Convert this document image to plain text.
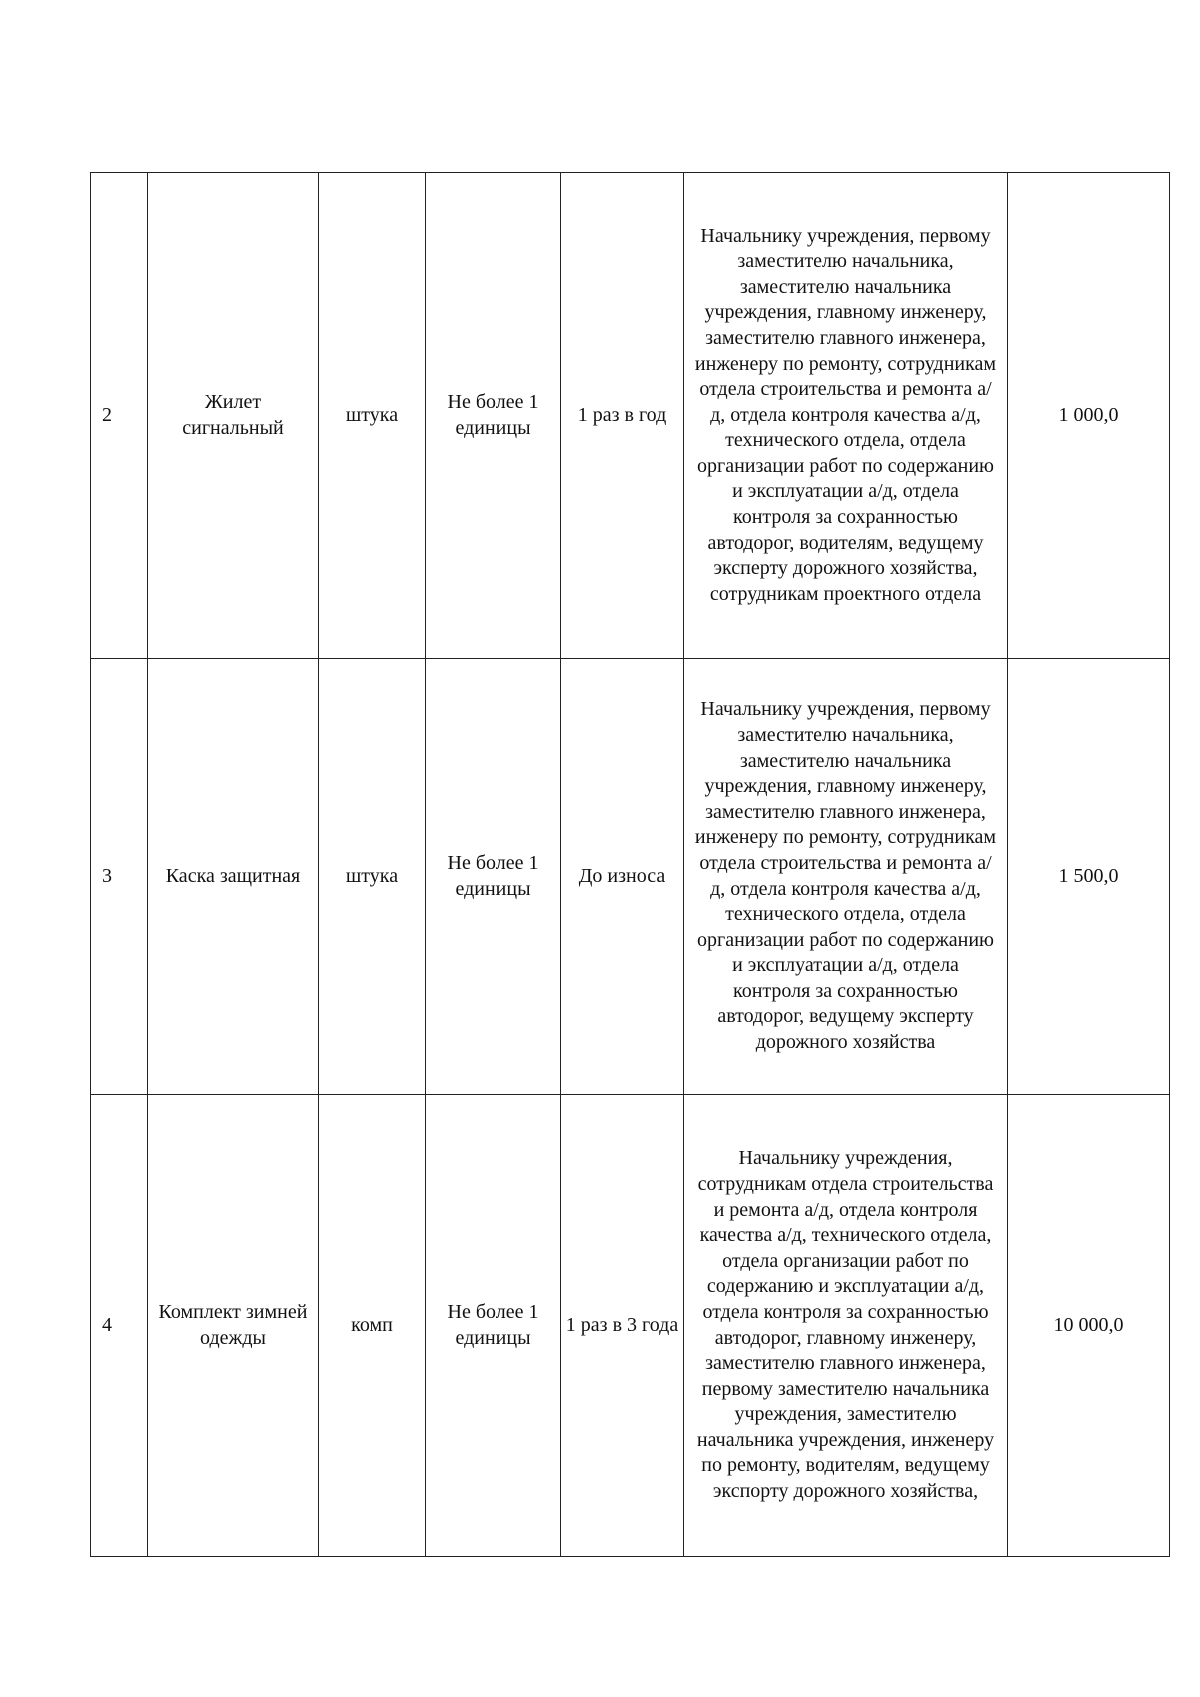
2	Жилет сигнальный	штука	Не более 1 единицы	1 раз в год	Начальнику учреждения, первому заместителю начальника, заместителю начальника учреждения, главному инженеру, заместителю главного инженера, инженеру по ремонту, сотрудникам отдела строительства и ремонта а/д, отдела контроля качества а/д, технического отдела, отдела организации работ по содержанию и эксплуатации а/д, отдела контроля за сохранностью автодорог, водителям, ведущему эксперту дорожного хозяйства, сотрудникам проектного отдела	1 000,0
3	Каска защитная	штука	Не более 1 единицы	До износа	Начальнику учреждения, первому заместителю начальника, заместителю начальника учреждения, главному инженеру, заместителю главного инженера, инженеру по ремонту, сотрудникам отдела строительства и ремонта а/д, отдела контроля качества а/д, технического отдела, отдела организации работ по содержанию и эксплуатации а/д, отдела контроля за сохранностью автодорог, ведущему эксперту дорожного хозяйства	1 500,0
4	Комплект зимней одежды	комп	Не более 1 единицы	1 раз в 3 года	Начальнику учреждения, сотрудникам отдела строительства и ремонта а/д, отдела контроля качества а/д, технического отдела, отдела организации работ по содержанию и эксплуатации а/д, отдела контроля за сохранностью автодорог, главному инженеру, заместителю главного инженера, первому заместителю начальника учреждения, заместителю начальника учреждения, инженеру по ремонту, водителям, ведущему экспорту дорожного хозяйства,	10 000,0
